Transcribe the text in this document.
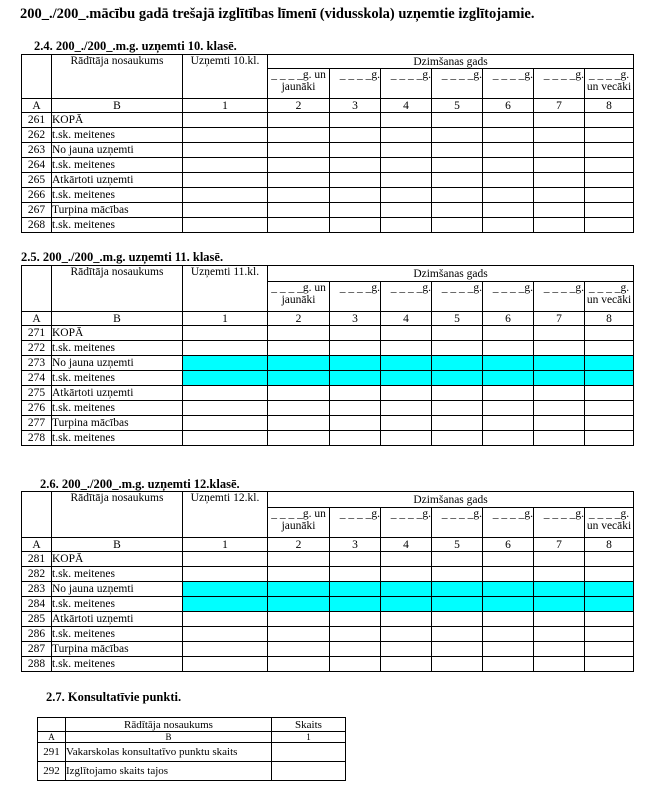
200_./200_.mācību gadā trešajā izglītības līmenī (vidusskola) uzņemtie izglītojamie.
2.4. 200_./200_.m.g. uzņemti 10. klasē.
	Rādītāja nosaukums	Uzņemti 10.kl.	Dzimšanas gads						
			_ _ _ _g. un jaunāki	_ _ _ _g.	_ _ _ _g.	_ _ _ _g.	_ _ _ _g.	_ _ _ _g.	_ _ _ _g. un vecāki
A	B	1	2	3	4	5	6	7	8
261	KOPĀ								
262	t.sk. meitenes								
263	No jauna uzņemti								
264	t.sk. meitenes								
265	Atkārtoti uzņemti								
266	t.sk. meitenes								
267	Turpina mācības								
268	t.sk. meitenes								
2.5. 200_./200_.m.g. uzņemti 11. klasē.
	Rādītāja nosaukums	Uzņemti 11.kl.	Dzimšanas gads						
			_ _ _ _g. un jaunāki	_ _ _ _g.	_ _ _ _g.	_ _ _ _g.	_ _ _ _g.	_ _ _ _g.	_ _ _ _g. un vecāki
A	B	1	2	3	4	5	6	7	8
271	KOPĀ								
272	t.sk. meitenes								
273	No jauna uzņemti								
274	t.sk. meitenes								
275	Atkārtoti uzņemti								
276	t.sk. meitenes								
277	Turpina mācības								
278	t.sk. meitenes								
2.6. 200_./200_.m.g. uzņemti 12.klasē.
	Rādītāja nosaukums	Uzņemti 12.kl.	Dzimšanas gads						
			_ _ _ _g. un jaunāki	_ _ _ _g.	_ _ _ _g.	_ _ _ _g.	_ _ _ _g.	_ _ _ _g.	_ _ _ _g. un vecāki
A	B	1	2	3	4	5	6	7	8
281	KOPĀ								
282	t.sk. meitenes								
283	No jauna uzņemti								
284	t.sk. meitenes								
285	Atkārtoti uzņemti								
286	t.sk. meitenes								
287	Turpina mācības								
288	t.sk. meitenes								
2.7. Konsultatīvie punkti.
	Rādītāja nosaukums	Skaits
A	B	1
291	Vakarskolas konsultatīvo punktu skaits	
292	Izglītojamo skaits tajos	
